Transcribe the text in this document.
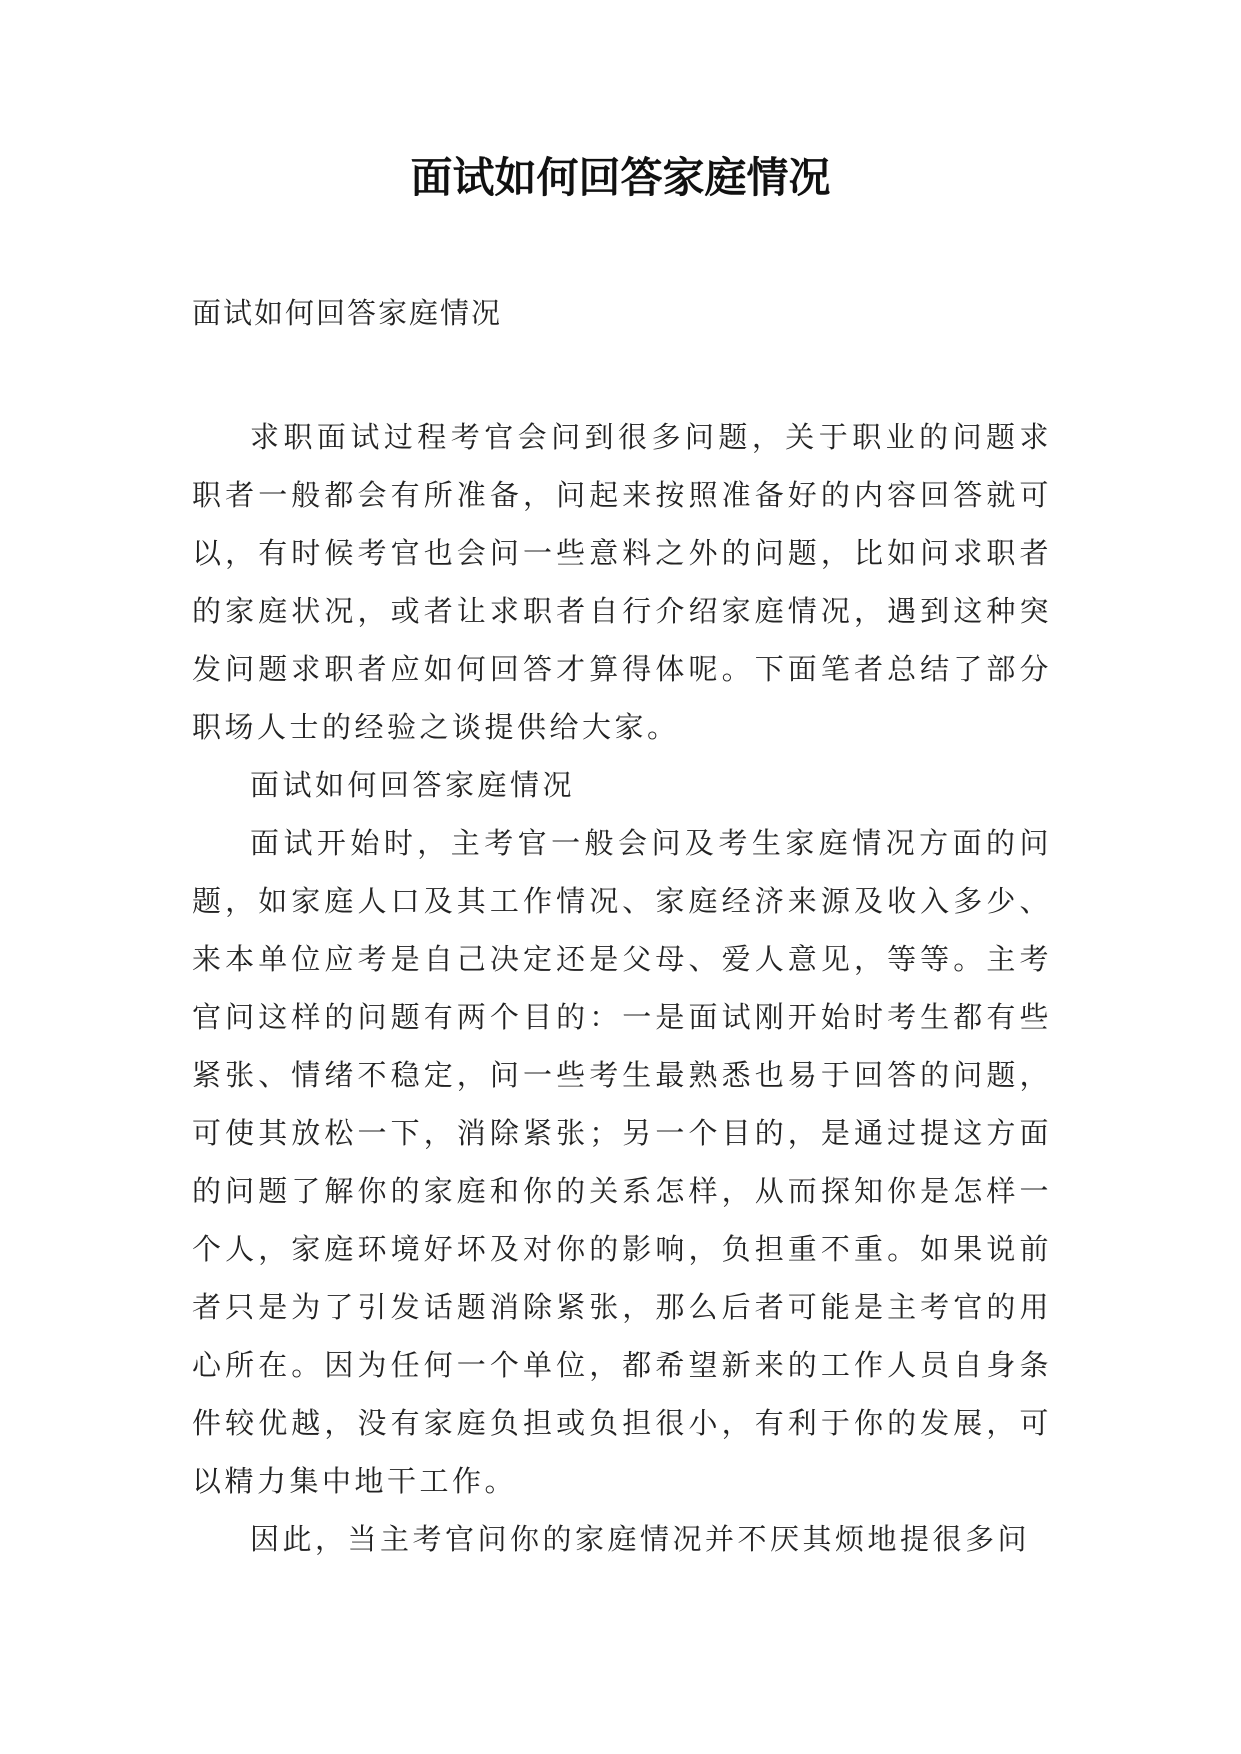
面试如何回答家庭情况
面试如何回答家庭情况

求职面试过程考官会问到很多问题，关于职业的问题求职者一般都会有所准备，问起来按照准备好的内容回答就可以，有时候考官也会问一些意料之外的问题，比如问求职者的家庭状况，或者让求职者自行介绍家庭情况，遇到这种突发问题求职者应如何回答才算得体呢。下面笔者总结了部分职场人士的经验之谈提供给大家。

面试如何回答家庭情况

面试开始时，主考官一般会问及考生家庭情况方面的问题，如家庭人口及其工作情况、家庭经济来源及收入多少、来本单位应考是自己决定还是父母、爱人意见，等等。主考官问这样的问题有两个目的：一是面试刚开始时考生都有些紧张、情绪不稳定，问一些考生最熟悉也易于回答的问题，可使其放松一下，消除紧张；另一个目的，是通过提这方面的问题了解你的家庭和你的关系怎样，从而探知你是怎样一个人，家庭环境好坏及对你的影响，负担重不重。如果说前者只是为了引发话题消除紧张，那么后者可能是主考官的用心所在。因为任何一个单位，都希望新来的工作人员自身条件较优越，没有家庭负担或负担很小，有利于你的发展，可以精力集中地干工作。

因此，当主考官问你的家庭情况并不厌其烦地提很多问
